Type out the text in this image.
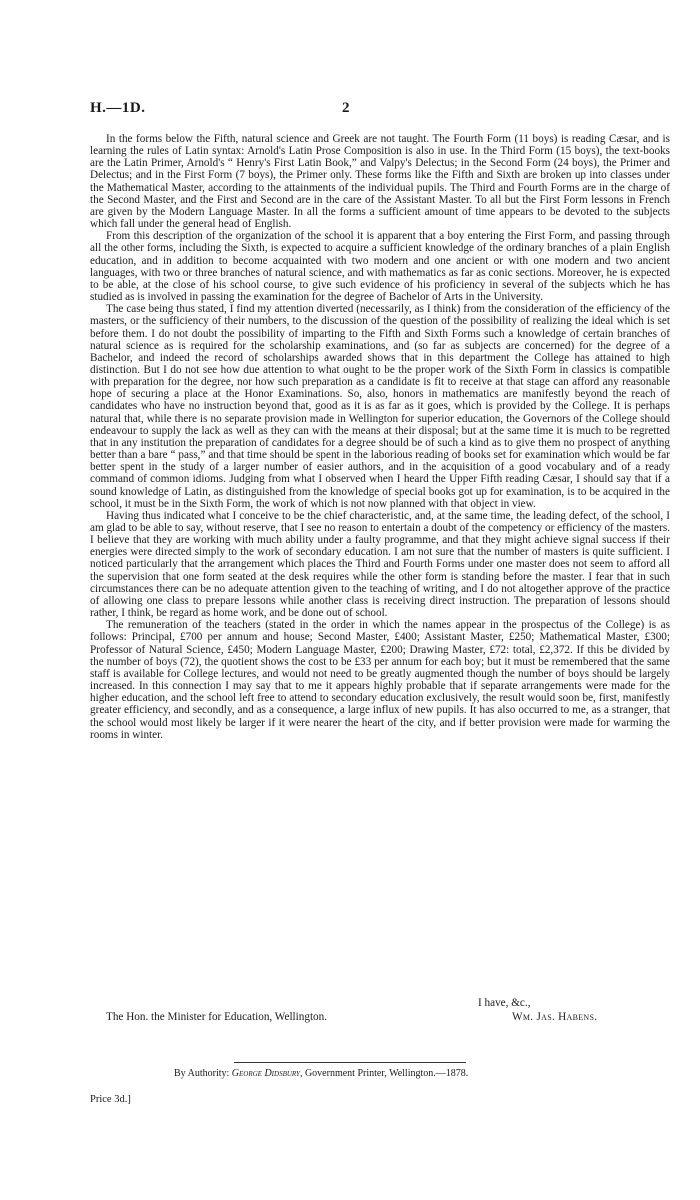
H.—1D.	2

In the forms below the Fifth, natural science and Greek are not taught. The Fourth Form (11 boys) is reading Cæsar, and is learning the rules of Latin syntax: Arnold's Latin Prose Composition is also in use. In the Third Form (15 boys), the text-books are the Latin Primer, Arnold's “ Henry's First Latin Book,” and Valpy's Delectus; in the Second Form (24 boys), the Primer and Delectus; and in the First Form (7 boys), the Primer only. These forms like the Fifth and Sixth are broken up into classes under the Mathematical Master, according to the attainments of the individual pupils. The Third and Fourth Forms are in the charge of the Second Master, and the First and Second are in the care of the Assistant Master. To all but the First Form lessons in French are given by the Modern Language Master. In all the forms a sufficient amount of time appears to be devoted to the subjects which fall under the general head of English.

From this description of the organization of the school it is apparent that a boy entering the First Form, and passing through all the other forms, including the Sixth, is expected to acquire a sufficient knowledge of the ordinary branches of a plain English education, and in addition to become acquainted with two modern and one ancient or with one modern and two ancient languages, with two or three branches of natural science, and with mathematics as far as conic sections. Moreover, he is expected to be able, at the close of his school course, to give such evidence of his proficiency in several of the subjects which he has studied as is involved in passing the examination for the degree of Bachelor of Arts in the University.

The case being thus stated, I find my attention diverted (necessarily, as I think) from the consideration of the efficiency of the masters, or the sufficiency of their numbers, to the discussion of the question of the possibility of realizing the ideal which is set before them. I do not doubt the possibility of imparting to the Fifth and Sixth Forms such a knowledge of certain branches of natural science as is required for the scholarship examinations, and (so far as subjects are concerned) for the degree of a Bachelor, and indeed the record of scholarships awarded shows that in this department the College has attained to high distinction. But I do not see how due attention to what ought to be the proper work of the Sixth Form in classics is compatible with preparation for the degree, nor how such preparation as a candidate is fit to receive at that stage can afford any reasonable hope of securing a place at the Honor Examinations. So, also, honors in mathematics are manifestly beyond the reach of candidates who have no instruction beyond that, good as it is as far as it goes, which is provided by the College. It is perhaps natural that, while there is no separate provision made in Wellington for superior education, the Governors of the College should endeavour to supply the lack as well as they can with the means at their disposal; but at the same time it is much to be regretted that in any institution the preparation of candidates for a degree should be of such a kind as to give them no prospect of anything better than a bare “ pass,” and that time should be spent in the laborious reading of books set for examination which would be far better spent in the study of a larger number of easier authors, and in the acquisition of a good vocabulary and of a ready command of common idioms. Judging from what I observed when I heard the Upper Fifth reading Cæsar, I should say that if a sound knowledge of Latin, as distinguished from the knowledge of special books got up for examination, is to be acquired in the school, it must be in the Sixth Form, the work of which is not now planned with that object in view.

Having thus indicated what I conceive to be the chief characteristic, and, at the same time, the leading defect, of the school, I am glad to be able to say, without reserve, that I see no reason to entertain a doubt of the competency or efficiency of the masters. I believe that they are working with much ability under a faulty programme, and that they might achieve signal success if their energies were directed simply to the work of secondary education. I am not sure that the number of masters is quite sufficient. I noticed particularly that the arrangement which places the Third and Fourth Forms under one master does not seem to afford all the supervision that one form seated at the desk requires while the other form is standing before the master. I fear that in such circumstances there can be no adequate attention given to the teaching of writing, and I do not altogether approve of the practice of allowing one class to prepare lessons while another class is receiving direct instruction. The preparation of lessons should rather, I think, be regard as home work, and be done out of school.

The remuneration of the teachers (stated in the order in which the names appear in the prospectus of the College) is as follows: Principal, £700 per annum and house; Second Master, £400; Assistant Master, £250; Mathematical Master, £300; Professor of Natural Science, £450; Modern Language Master, £200; Drawing Master, £72: total, £2,372. If this be divided by the number of boys (72), the quotient shows the cost to be £33 per annum for each boy; but it must be remembered that the same staff is available for College lectures, and would not need to be greatly augmented though the number of boys should be largely increased. In this connection I may say that to me it appears highly probable that if separate arrangements were made for the higher education, and the school left free to attend to secondary education exclusively, the result would soon be, first, manifestly greater efficiency, and secondly, and as a consequence, a large influx of new pupils. It has also occurred to me, as a stranger, that the school would most likely be larger if it were nearer the heart of the city, and if better provision were made for warming the rooms in winter.

I have, &c.,
The Hon. the Minister for Education, Wellington.	Wm. Jas. Habens.
By Authority: George Didsbury, Government Printer, Wellington.—1878.
Price 3d.]
